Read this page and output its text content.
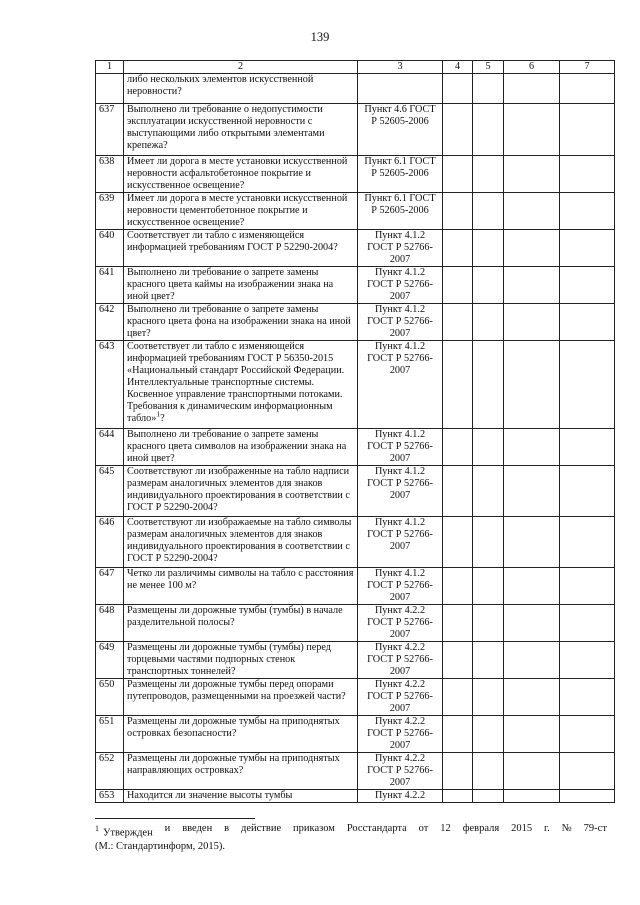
139
1	2	3	4	5	6	7
	либо нескольких элементов искусственной неровности?					
637	Выполнено ли требование о недопустимости эксплуатации искусственной неровности с выступающими либо открытыми элементами крепежа?	Пункт 4.6 ГОСТ Р 52605-2006				
638	Имеет ли дорога в месте установки искусственной неровности асфальтобетонное покрытие и искусственное освещение?	Пункт 6.1 ГОСТ Р 52605-2006				
639	Имеет ли дорога в месте установки искусственной неровности цементобетонное покрытие и искусственное освещение?	Пункт 6.1 ГОСТ Р 52605-2006				
640	Соответствует ли табло с изменяющейся информацией требованиям ГОСТ Р 52290-2004?	Пункт 4.1.2 ГОСТ Р 52766-2007				
641	Выполнено ли требование о запрете замены красного цвета каймы на изображении знака на иной цвет?	Пункт 4.1.2 ГОСТ Р 52766-2007				
642	Выполнено ли требование о запрете замены красного цвета фона на изображении знака на иной цвет?	Пункт 4.1.2 ГОСТ Р 52766-2007				
643	Соответствует ли табло с изменяющейся информацией требованиям ГОСТ Р 56350-2015 «Национальный стандарт Российской Федерации. Интеллектуальные транспортные системы. Косвенное управление транспортными потоками. Требования к динамическим информационным табло»$^1$?	Пункт 4.1.2 ГОСТ Р 52766-2007				
644	Выполнено ли требование о запрете замены красного цвета символов на изображении знака на иной цвет?	Пункт 4.1.2 ГОСТ Р 52766-2007				
645	Соответствуют ли изображенные на табло надписи размерам аналогичных элементов для знаков индивидуального проектирования в соответствии с ГОСТ Р 52290-2004?	Пункт 4.1.2 ГОСТ Р 52766-2007				
646	Соответствуют ли изображаемые на табло символы размерам аналогичных элементов для знаков индивидуального проектирования в соответствии с ГОСТ Р 52290-2004?	Пункт 4.1.2 ГОСТ Р 52766-2007				
647	Четко ли различимы символы на табло с расстояния не менее 100 м?	Пункт 4.1.2 ГОСТ Р 52766-2007				
648	Размещены ли дорожные тумбы (тумбы) в начале разделительной полосы?	Пункт 4.2.2 ГОСТ Р 52766-2007				
649	Размещены ли дорожные тумбы (тумбы) перед торцевыми частями подпорных стенок транспортных тоннелей?	Пункт 4.2.2 ГОСТ Р 52766-2007				
650	Размещены ли дорожные тумбы перед опорами путепроводов, размещенными на проезжей части?	Пункт 4.2.2 ГОСТ Р 52766-2007				
651	Размещены ли дорожные тумбы на приподнятых островках безопасности?	Пункт 4.2.2 ГОСТ Р 52766-2007				
652	Размещены ли дорожные тумбы на приподнятых направляющих островках?	Пункт 4.2.2 ГОСТ Р 52766-2007				
653	Находится ли значение высоты тумбы	Пункт 4.2.2				
$^1$ Утвержден и введен в действие приказом Росстандарта от 12 февраля 2015 г. № 79-ст
(М.: Стандартинформ, 2015).
